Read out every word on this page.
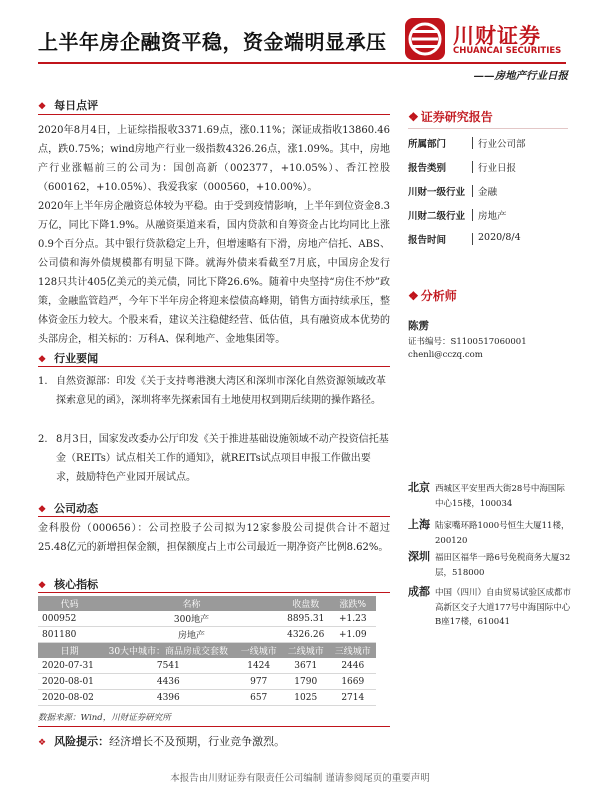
上半年房企融资平稳，资金端明显承压	川财证券
CHUANCAI SECURITIES
——房地产行业日报
❖ 每日点评
2020年8月4日，上证综指报收3371.69点，涨0.11%；深证成指收13860.46点，跌0.75%；wind房地产行业一级指数4326.26点，涨1.09%。其中，房地产行业涨幅前三的公司为：国创高新（002377，+10.05%）、香江控股（600162，+10.05%）、我爱我家（000560，+10.00%）。
2020年上半年房企融资总体较为平稳。由于受到疫情影响，上半年到位资金8.3万亿，同比下降1.9%。从融资渠道来看，国内贷款和自筹资金占比均同比上涨0.9个百分点。其中银行贷款稳定上升，但增速略有下滑，房地产信托、ABS、公司债和海外债规模都有明显下降。就海外债来看截至7月底，中国房企发行128只共计405亿美元的美元债，同比下降26.6%。随着中央坚持“房住不炒”政策，金融监管趋严，今年下半年房企将迎来偿债高峰期，销售方面持续承压，整体资金压力较大。个股来看，建议关注稳健经营、低估值，具有融资成本优势的头部房企，相关标的：万科A、保利地产、金地集团等。
❖ 行业要闻
1. 自然资源部：印发《关于支持粤港澳大湾区和深圳市深化自然资源领域改革探索意见的函》，深圳将率先探索国有土地使用权到期后续期的操作路径。
2. 8月3日，国家发改委办公厅印发《关于推进基础设施领域不动产投资信托基金（REITs）试点相关工作的通知》，就REITs试点项目申报工作做出要求，鼓励特色产业园开展试点。
❖ 公司动态
金科股份（000656）：公司控股子公司拟为12家参股公司提供合计不超过25.48亿元的新增担保金额，担保额度占上市公司最近一期净资产比例8.62%。
❖ 核心指标
代码	名称		收盘数	涨跌%
000952	300地产		8895.31	+1.23
801180	房地产		4326.26	+1.09
日期	30大中城市：商品房成交套数	一线城市	二线城市	三线城市
2020-07-31	7541	1424	3671	2446
2020-08-01	4436	977	1790	1669
2020-08-02	4396	657	1025	2714
数据来源：Wind，川财证券研究所
❖ 风险提示：经济增长不及预期，行业竞争激烈。
❖ 证券研究报告
所属部门	行业公司部
报告类别	行业日报
川财一级行业 金融
川财二级行业 房地产
报告时间	2020/8/4
❖ 分析师
陈雳
证书编号：S1100517060001
chenli@cczq.com
北京 西城区平安里西大街28号中海国际中心15楼，100034
上海 陆家嘴环路1000号恒生大厦11楼，200120
深圳 福田区福华一路6号免税商务大厦32层，518000
成都 中国（四川）自由贸易试验区成都市高新区交子大道177号中海国际中心B座17楼，610041
本报告由川财证券有限责任公司编制 谨请参阅尾页的重要声明
